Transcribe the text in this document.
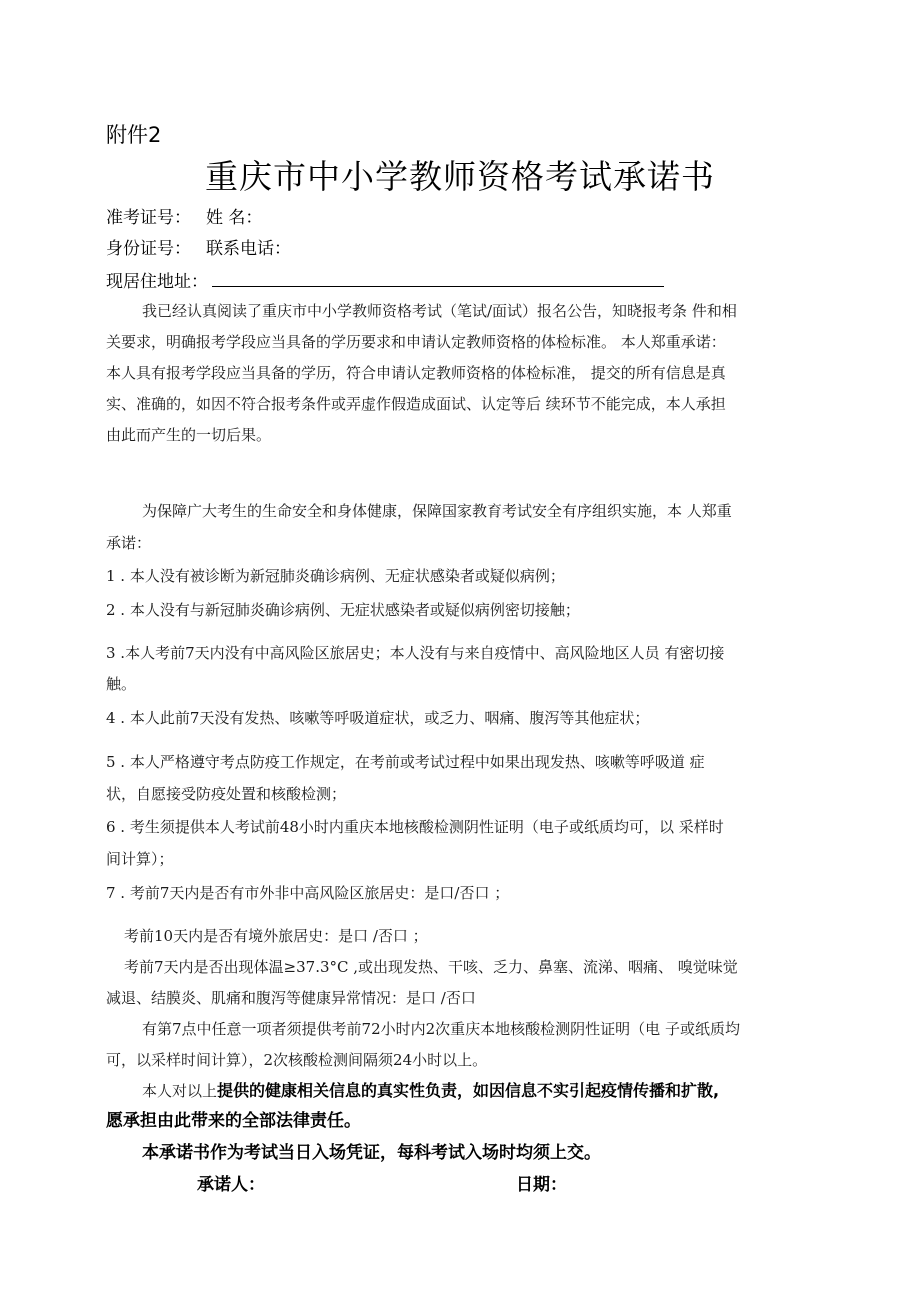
附件2
重庆市中小学教师资格考试承诺书
准考证号： 姓 名：
身份证号： 联系电话：
现居住地址：
我已经认真阅读了重庆市中小学教师资格考试（笔试/面试）报名公告，知晓报考条 件和相
关要求，明确报考学段应当具备的学历要求和申请认定教师资格的体检标准。 本人郑重承诺：
本人具有报考学段应当具备的学历，符合申请认定教师资格的体检标准， 提交的所有信息是真
实、准确的，如因不符合报考条件或弄虚作假造成面试、认定等后 续环节不能完成，本人承担
由此而产生的一切后果。
为保障广大考生的生命安全和身体健康，保障国家教育考试安全有序组织实施，本 人郑重
承诺：
1 . 本人没有被诊断为新冠肺炎确诊病例、无症状感染者或疑似病例；
2 . 本人没有与新冠肺炎确诊病例、无症状感染者或疑似病例密切接触；
3 .本人考前7天内没有中高风险区旅居史；本人没有与来自疫情中、高风险地区人员 有密切接
触。
4 . 本人此前7天没有发热、咳嗽等呼吸道症状，或乏力、咽痛、腹泻等其他症状；
5 . 本人严格遵守考点防疫工作规定，在考前或考试过程中如果出现发热、咳嗽等呼吸道 症
状，自愿接受防疫处置和核酸检测；
6 . 考生须提供本人考试前48小时内重庆本地核酸检测阴性证明（电子或纸质均可，以 采样时
间计算）；
7 . 考前7天内是否有市外非中高风险区旅居史：是口/否口 ；
考前10天内是否有境外旅居史：是口 /否口 ；
考前7天内是否出现体温≥37.3°C ,或出现发热、干咳、乏力、鼻塞、流涕、咽痛、 嗅觉味觉
减退、结膜炎、肌痛和腹泻等健康异常情况：是口 /否口
有第7点中任意一项者须提供考前72小时内2次重庆本地核酸检测阴性证明（电 子或纸质均
可，以采样时间计算），2次核酸检测间隔须24小时以上。
本人对以上提供的健康相关信息的真实性负责，如因信息不实引起疫情传播和扩散,
愿承担由此带来的全部法律责任。
本承诺书作为考试当日入场凭证，每科考试入场时均须上交。
承诺人：	日期：
